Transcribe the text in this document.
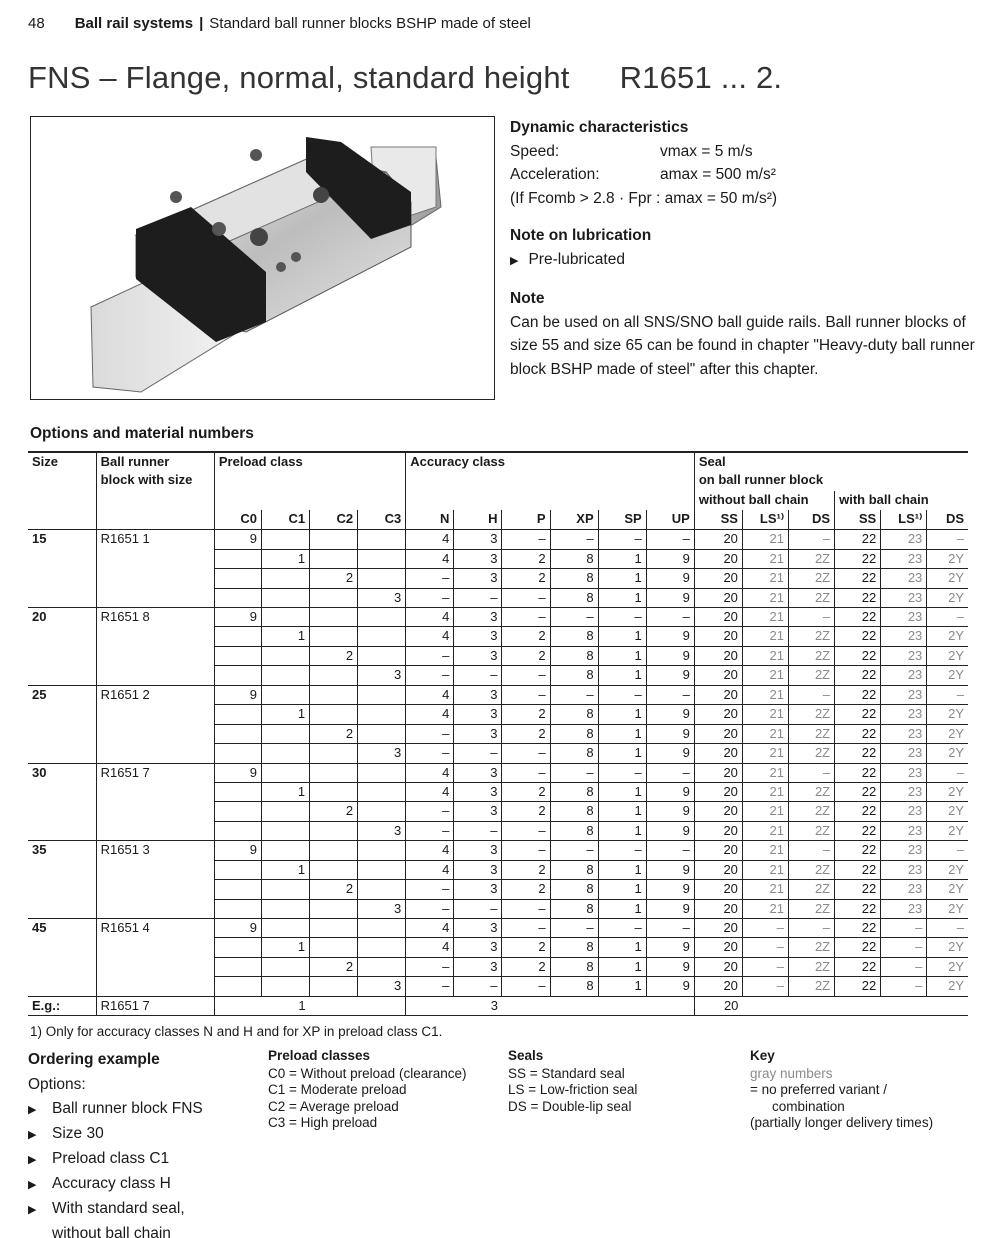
48 Ball rail systems | Standard ball runner blocks BSHP made of steel
FNS – Flange, normal, standard height R1651 ... 2.
Dynamic characteristics
Speed:	vmax = 5 m/s
Acceleration:	amax = 500 m/s²
(If Fcomb > 2.8 · Fpr : amax = 50 m/s²)
Note on lubrication
▶ Pre-lubricated
Note
Can be used on all SNS/SNO ball guide rails. Ball runner blocks of size 55 and size 65 can be found in chapter "Heavy-duty ball runner block BSHP made of steel" after this chapter.
Options and material numbers
Size	Ball runner	Preload class				Accuracy class						Seal					
	block with size											on ball runner block					
												without ball chain			with ball chain		
		C0	C1	C2	C3	N	H	P	XP	SP	UP	SS	LS¹⁾	DS	SS	LS¹⁾	DS
15	R1651 1	9				4	3	–	–	–	–	20	21	–	22	23	–
			1			4	3	2	8	1	9	20	21	2Z	22	23	2Y
				2		–	3	2	8	1	9	20	21	2Z	22	23	2Y
					3	–	–	–	8	1	9	20	21	2Z	22	23	2Y
20	R1651 8	9				4	3	–	–	–	–	20	21	–	22	23	–
			1			4	3	2	8	1	9	20	21	2Z	22	23	2Y
				2		–	3	2	8	1	9	20	21	2Z	22	23	2Y
					3	–	–	–	8	1	9	20	21	2Z	22	23	2Y
25	R1651 2	9				4	3	–	–	–	–	20	21	–	22	23	–
			1			4	3	2	8	1	9	20	21	2Z	22	23	2Y
				2		–	3	2	8	1	9	20	21	2Z	22	23	2Y
					3	–	–	–	8	1	9	20	21	2Z	22	23	2Y
30	R1651 7	9				4	3	–	–	–	–	20	21	–	22	23	–
			1			4	3	2	8	1	9	20	21	2Z	22	23	2Y
				2		–	3	2	8	1	9	20	21	2Z	22	23	2Y
					3	–	–	–	8	1	9	20	21	2Z	22	23	2Y
35	R1651 3	9				4	3	–	–	–	–	20	21	–	22	23	–
			1			4	3	2	8	1	9	20	21	2Z	22	23	2Y
				2		–	3	2	8	1	9	20	21	2Z	22	23	2Y
					3	–	–	–	8	1	9	20	21	2Z	22	23	2Y
45	R1651 4	9				4	3	–	–	–	–	20	–	–	22	–	–
			1			4	3	2	8	1	9	20	–	2Z	22	–	2Y
				2		–	3	2	8	1	9	20	–	2Z	22	–	2Y
					3	–	–	–	8	1	9	20	–	2Z	22	–	2Y
E.g.:	R1651 7		1				3					20					
1) Only for accuracy classes N and H and for XP in preload class C1.
Ordering example
Options:
▶	Ball runner block FNS
▶	Size 30
▶	Preload class C1
▶	Accuracy class H
▶	With standard seal,
without ball chain
Preload classes
C0 = Without preload (clearance)
C1 = Moderate preload
C2 = Average preload
C3 = High preload
Seals
SS = Standard seal
LS = Low-friction seal
DS = Double-lip seal
Key
gray numbers
= no preferred variant /
combination
(partially longer delivery times)
